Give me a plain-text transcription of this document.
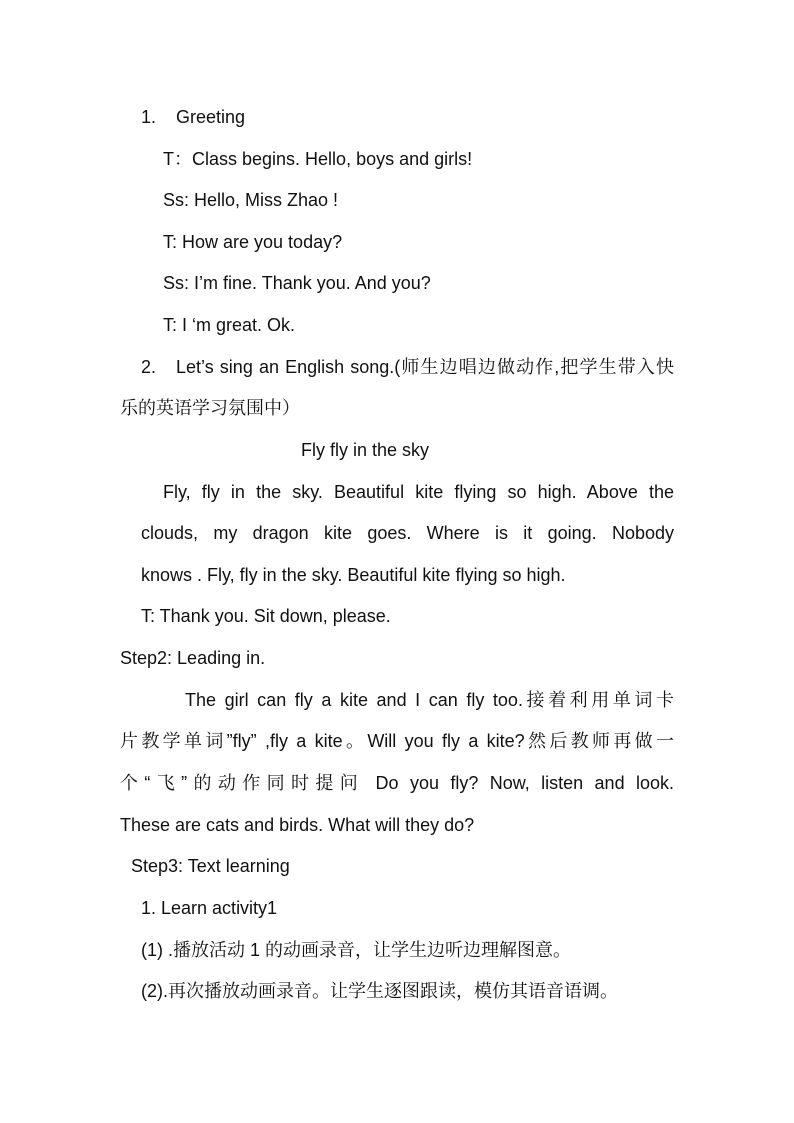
1. Greeting
T：Class begins. Hello, boys and girls!
Ss: Hello, Miss Zhao !
T: How are you today?
Ss: I’m fine. Thank you. And you?
T: I ‘m great. Ok.
2. Let’s sing an English song.(师生边唱边做动作,把学生带入快
乐的英语学习氛围中）
Fly fly in the sky
Fly, fly in the sky. Beautiful kite flying so high. Above the
clouds, my dragon kite goes. Where is it going. Nobody
knows . Fly, fly in the sky. Beautiful kite flying so high.
T: Thank you. Sit down, please.
Step2: Leading in.
The girl can fly a kite and I can fly too.接着利用单词卡
片教学单词”fly” ,fly a kite。Will you fly a kite?然后教师再做一
个“飞”的动作同时提问 Do you fly? Now, listen and look.
These are cats and birds. What will they do?
Step3: Text learning
1. Learn activity1
(1) .播放活动 1 的动画录音，让学生边听边理解图意。
(2).再次播放动画录音。让学生逐图跟读，模仿其语音语调。
